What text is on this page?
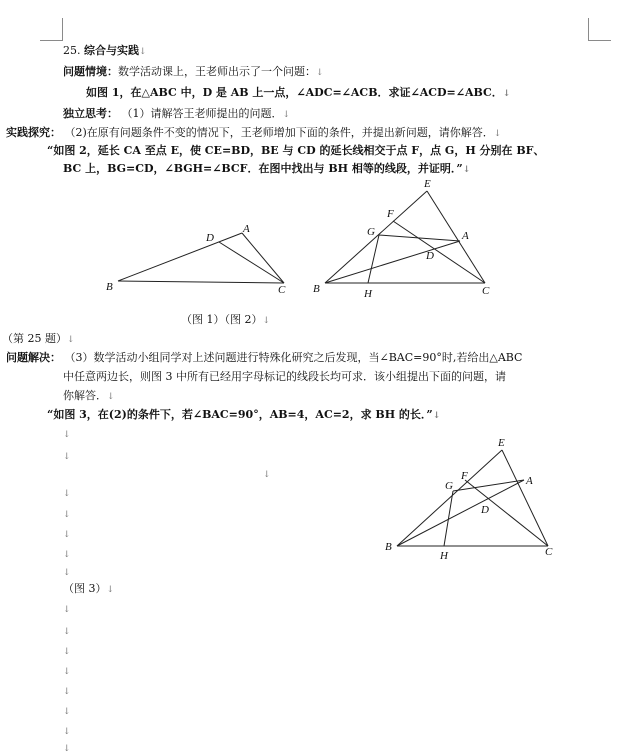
25. 综合与实践↓
问题情境：数学活动课上，王老师出示了一个问题：↓
如图 1，在△ABC 中，D 是 AB 上一点，∠ADC=∠ACB．求证∠ACD=∠ABC．↓
独立思考： （1）请解答王老师提出的问题．↓
实践探究： （2)在原有问题条件不变的情况下，王老师增加下面的条件，并提出新问题，请你解答．↓
“如图 2，延长 CA 至点 E，使 CE=BD，BE 与 CD 的延长线相交于点 F，点 G，H 分别在 BF、
BC 上，BG=CD，∠BGH=∠BCF．在图中找出与 BH 相等的线段，并证明．”↓
B	C
A
D
E
F
G	A
D
B	H	C
（图 1）（图 2）↓
（第 25 题）↓
问题解决： （3）数学活动小组同学对上述问题进行特殊化研究之后发现，当∠BAC=90°时,若给出△ABC
中任意两边长，则图 3 中所有已经用字母标记的线段长均可求．该小组提出下面的问题，请
你解答．↓
“如图 3，在(2)的条件下，若∠BAC=90°，AB=4，AC=2，求 BH 的长．”↓
↓
↓
↓
↓
↓
↓
↓
↓
↓
↓
↓
↓
↓
↓
↓
↓
E
F
G	A
D
B
H	C
（图 3）↓
